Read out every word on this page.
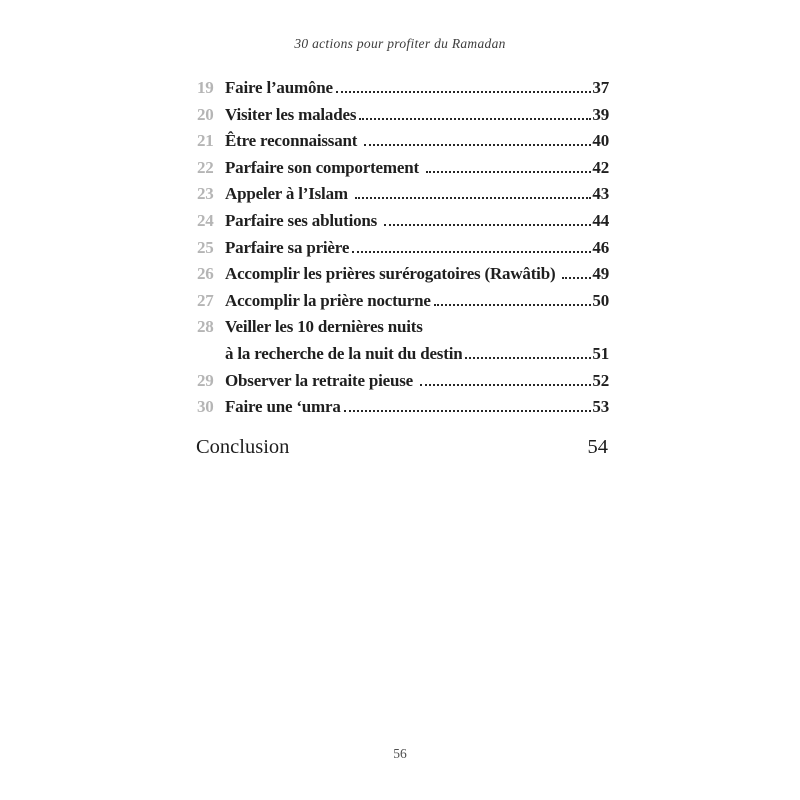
30 actions pour profiter du Ramadan
19 Faire l’aumône	37
20 Visiter les malades	39
21 Être reconnaissant	40
22 Parfaire son comportement	42
23 Appeler à l’Islam	43
24 Parfaire ses ablutions	44
25 Parfaire sa prière	46
26 Accomplir les prières surérogatoires (Rawâtib) 49
27 Accomplir la prière nocturne	50
28 Veiller les 10 dernières nuits
à la recherche de la nuit du destin	51
29 Observer la retraite pieuse	52
30 Faire une ‘umra	53
Conclusion	54
56
